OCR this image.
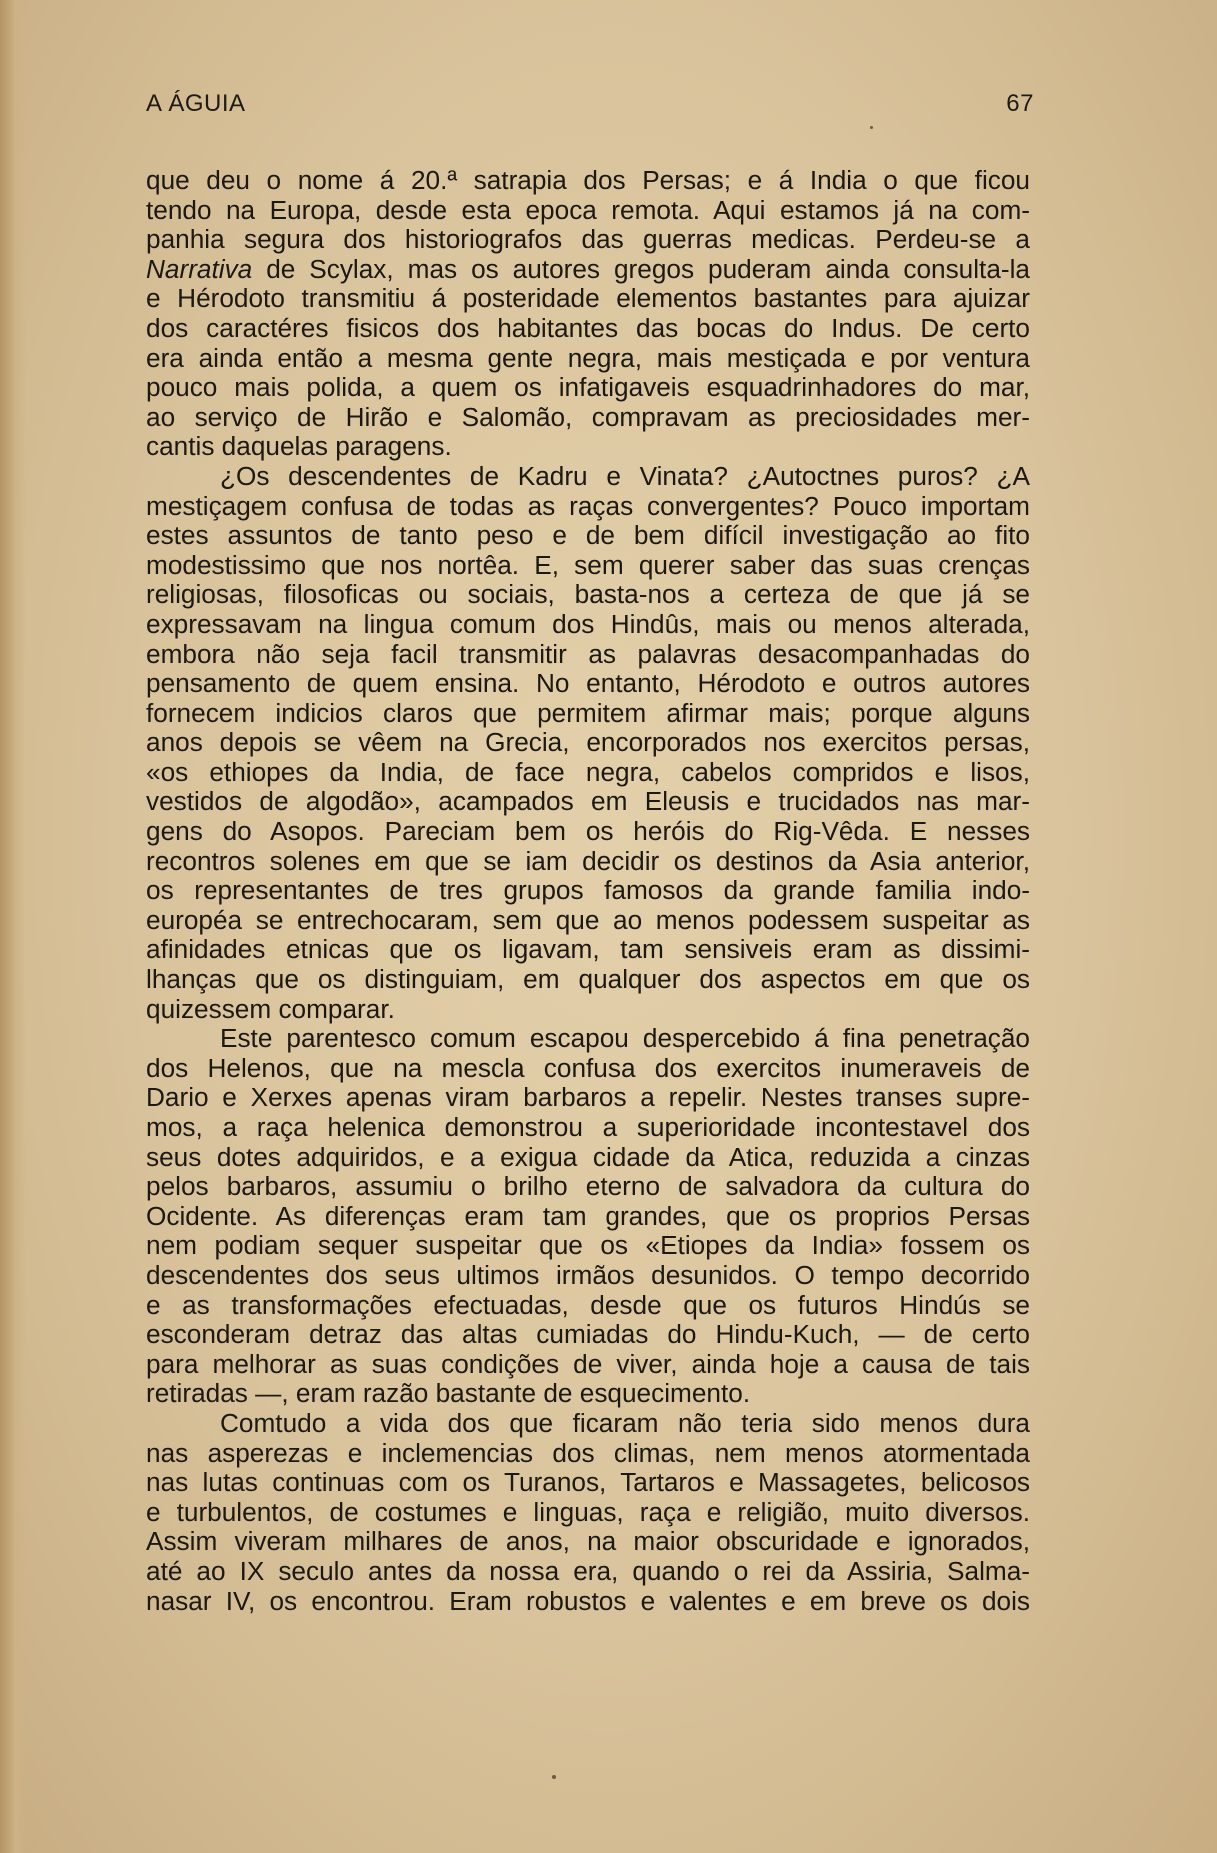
A ÁGUIA	67
que deu o nome á 20.ª satrapia dos Persas; e á India o que ficou
tendo na Europa, desde esta epoca remota. Aqui estamos já na com-
panhia segura dos historiografos das guerras medicas. Perdeu-se a
Narrativa de Scylax, mas os autores gregos puderam ainda consulta-la
e Hérodoto transmitiu á posteridade elementos bastantes para ajuizar
dos caractéres fisicos dos habitantes das bocas do Indus. De certo
era ainda então a mesma gente negra, mais mestiçada e por ventura
pouco mais polida, a quem os infatigaveis esquadrinhadores do mar,
ao serviço de Hirão e Salomão, compravam as preciosidades mer-
cantis daquelas paragens.
¿Os descendentes de Kadru e Vinata? ¿Autoctnes puros? ¿A
mestiçagem confusa de todas as raças convergentes? Pouco importam
estes assuntos de tanto peso e de bem difícil investigação ao fito
modestissimo que nos nortêa. E, sem querer saber das suas crenças
religiosas, filosoficas ou sociais, basta-nos a certeza de que já se
expressavam na lingua comum dos Hindûs, mais ou menos alterada,
embora não seja facil transmitir as palavras desacompanhadas do
pensamento de quem ensina. No entanto, Hérodoto e outros autores
fornecem indicios claros que permitem afirmar mais; porque alguns
anos depois se vêem na Grecia, encorporados nos exercitos persas,
«os ethiopes da India, de face negra, cabelos compridos e lisos,
vestidos de algodão», acampados em Eleusis e trucidados nas mar-
gens do Asopos. Pareciam bem os heróis do Rig-Vêda. E nesses
recontros solenes em que se iam decidir os destinos da Asia anterior,
os representantes de tres grupos famosos da grande familia indo-
européa se entrechocaram, sem que ao menos podessem suspeitar as
afinidades etnicas que os ligavam, tam sensiveis eram as dissimi-
lhanças que os distinguiam, em qualquer dos aspectos em que os
quizessem comparar.
Este parentesco comum escapou despercebido á fina penetração
dos Helenos, que na mescla confusa dos exercitos inumeraveis de
Dario e Xerxes apenas viram barbaros a repelir. Nestes transes supre-
mos, a raça helenica demonstrou a superioridade incontestavel dos
seus dotes adquiridos, e a exigua cidade da Atica, reduzida a cinzas
pelos barbaros, assumiu o brilho eterno de salvadora da cultura do
Ocidente. As diferenças eram tam grandes, que os proprios Persas
nem podiam sequer suspeitar que os «Etiopes da India» fossem os
descendentes dos seus ultimos irmãos desunidos. O tempo decorrido
e as transformações efectuadas, desde que os futuros Hindús se
esconderam detraz das altas cumiadas do Hindu-Kuch, — de certo
para melhorar as suas condições de viver, ainda hoje a causa de tais
retiradas —, eram razão bastante de esquecimento.
Comtudo a vida dos que ficaram não teria sido menos dura
nas asperezas e inclemencias dos climas, nem menos atormentada
nas lutas continuas com os Turanos, Tartaros e Massagetes, belicosos
e turbulentos, de costumes e linguas, raça e religião, muito diversos.
Assim viveram milhares de anos, na maior obscuridade e ignorados,
até ao IX seculo antes da nossa era, quando o rei da Assiria, Salma-
nasar IV, os encontrou. Eram robustos e valentes e em breve os dois
